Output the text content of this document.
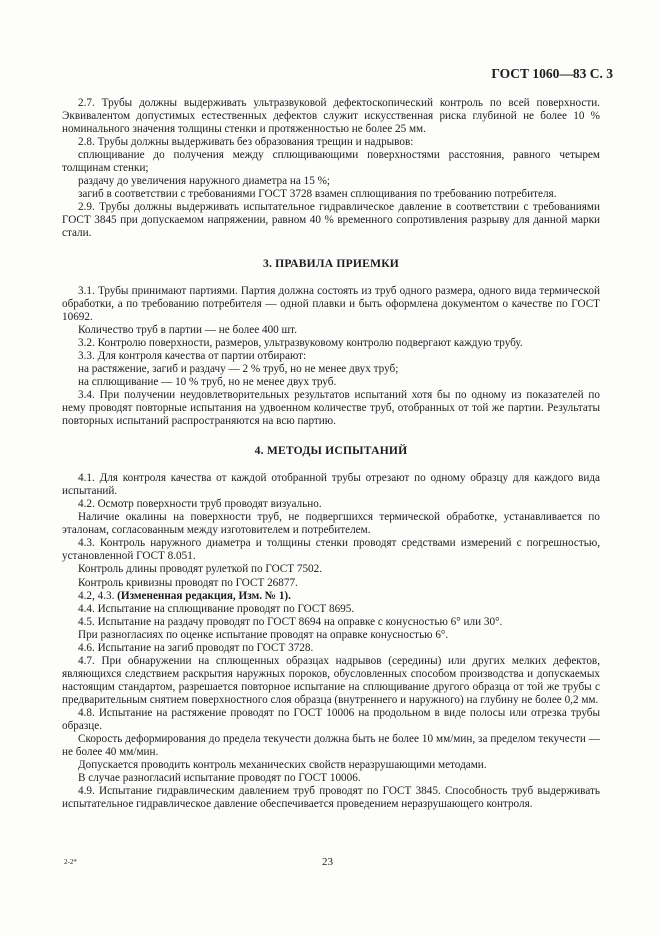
ГОСТ 1060—83 С. 3

2.7. Трубы должны выдерживать ультразвуковой дефектоскопический контроль по всей поверхности. Эквивалентом допустимых естественных дефектов служит искусственная риска глубиной не более 10 % номинального значения толщины стенки и протяженностью не более 25 мм.

2.8. Трубы должны выдерживать без образования трещин и надрывов:

сплющивание до получения между сплющивающими поверхностями расстояния, равного четырем толщинам стенки;

раздачу до увеличения наружного диаметра на 15 %;

загиб в соответствии с требованиями ГОСТ 3728 взамен сплющивания по требованию потребителя.

2.9. Трубы должны выдерживать испытательное гидравлическое давление в соответствии с требованиями ГОСТ 3845 при допускаемом напряжении, равном 40 % временного сопротивления разрыву для данной марки стали.

3. ПРАВИЛА ПРИЕМКИ

3.1. Трубы принимают партиями. Партия должна состоять из труб одного размера, одного вида термической обработки, а по требованию потребителя — одной плавки и быть оформлена документом о качестве по ГОСТ 10692.

Количество труб в партии — не более 400 шт.

3.2. Контролю поверхности, размеров, ультразвуковому контролю подвергают каждую трубу.

3.3. Для контроля качества от партии отбирают:

на растяжение, загиб и раздачу — 2 % труб, но не менее двух труб;

на сплющивание — 10 % труб, но не менее двух труб.

3.4. При получении неудовлетворительных результатов испытаний хотя бы по одному из показателей по нему проводят повторные испытания на удвоенном количестве труб, отобранных от той же партии. Результаты повторных испытаний распространяются на всю партию.

4. МЕТОДЫ ИСПЫТАНИЙ

4.1. Для контроля качества от каждой отобранной трубы отрезают по одному образцу для каждого вида испытаний.

4.2. Осмотр поверхности труб проводят визуально.

Наличие окалины на поверхности труб, не подвергшихся термической обработке, устанавливается по эталонам, согласованным между изготовителем и потребителем.

4.3. Контроль наружного диаметра и толщины стенки проводят средствами измерений с погрешностью, установленной ГОСТ 8.051.

Контроль длины проводят рулеткой по ГОСТ 7502.

Контроль кривизны проводят по ГОСТ 26877.

4.2, 4.3. (Измененная редакция, Изм. № 1).

4.4. Испытание на сплющивание проводят по ГОСТ 8695.

4.5. Испытание на раздачу проводят по ГОСТ 8694 на оправке с конусностью 6° или 30°.

При разногласиях по оценке испытание проводят на оправке конусностью 6°.

4.6. Испытание на загиб проводят по ГОСТ 3728.

4.7. При обнаружении на сплющенных образцах надрывов (середины) или других мелких дефектов, являющихся следствием раскрытия наружных пороков, обусловленных способом производства и допускаемых настоящим стандартом, разрешается повторное испытание на сплющивание другого образца от той же трубы с предварительным снятием поверхностного слоя образца (внутреннего и наружного) на глубину не более 0,2 мм.

4.8. Испытание на растяжение проводят по ГОСТ 10006 на продольном в виде полосы или отрезка трубы образце.

Скорость деформирования до предела текучести должна быть не более 10 мм/мин, за пределом текучести — не более 40 мм/мин.

Допускается проводить контроль механических свойств неразрушающими методами.

В случае разногласий испытание проводят по ГОСТ 10006.

4.9. Испытание гидравлическим давлением труб проводят по ГОСТ 3845. Способность труб выдерживать испытательное гидравлическое давление обеспечивается проведением неразрушающего контроля.

2-2*	23
